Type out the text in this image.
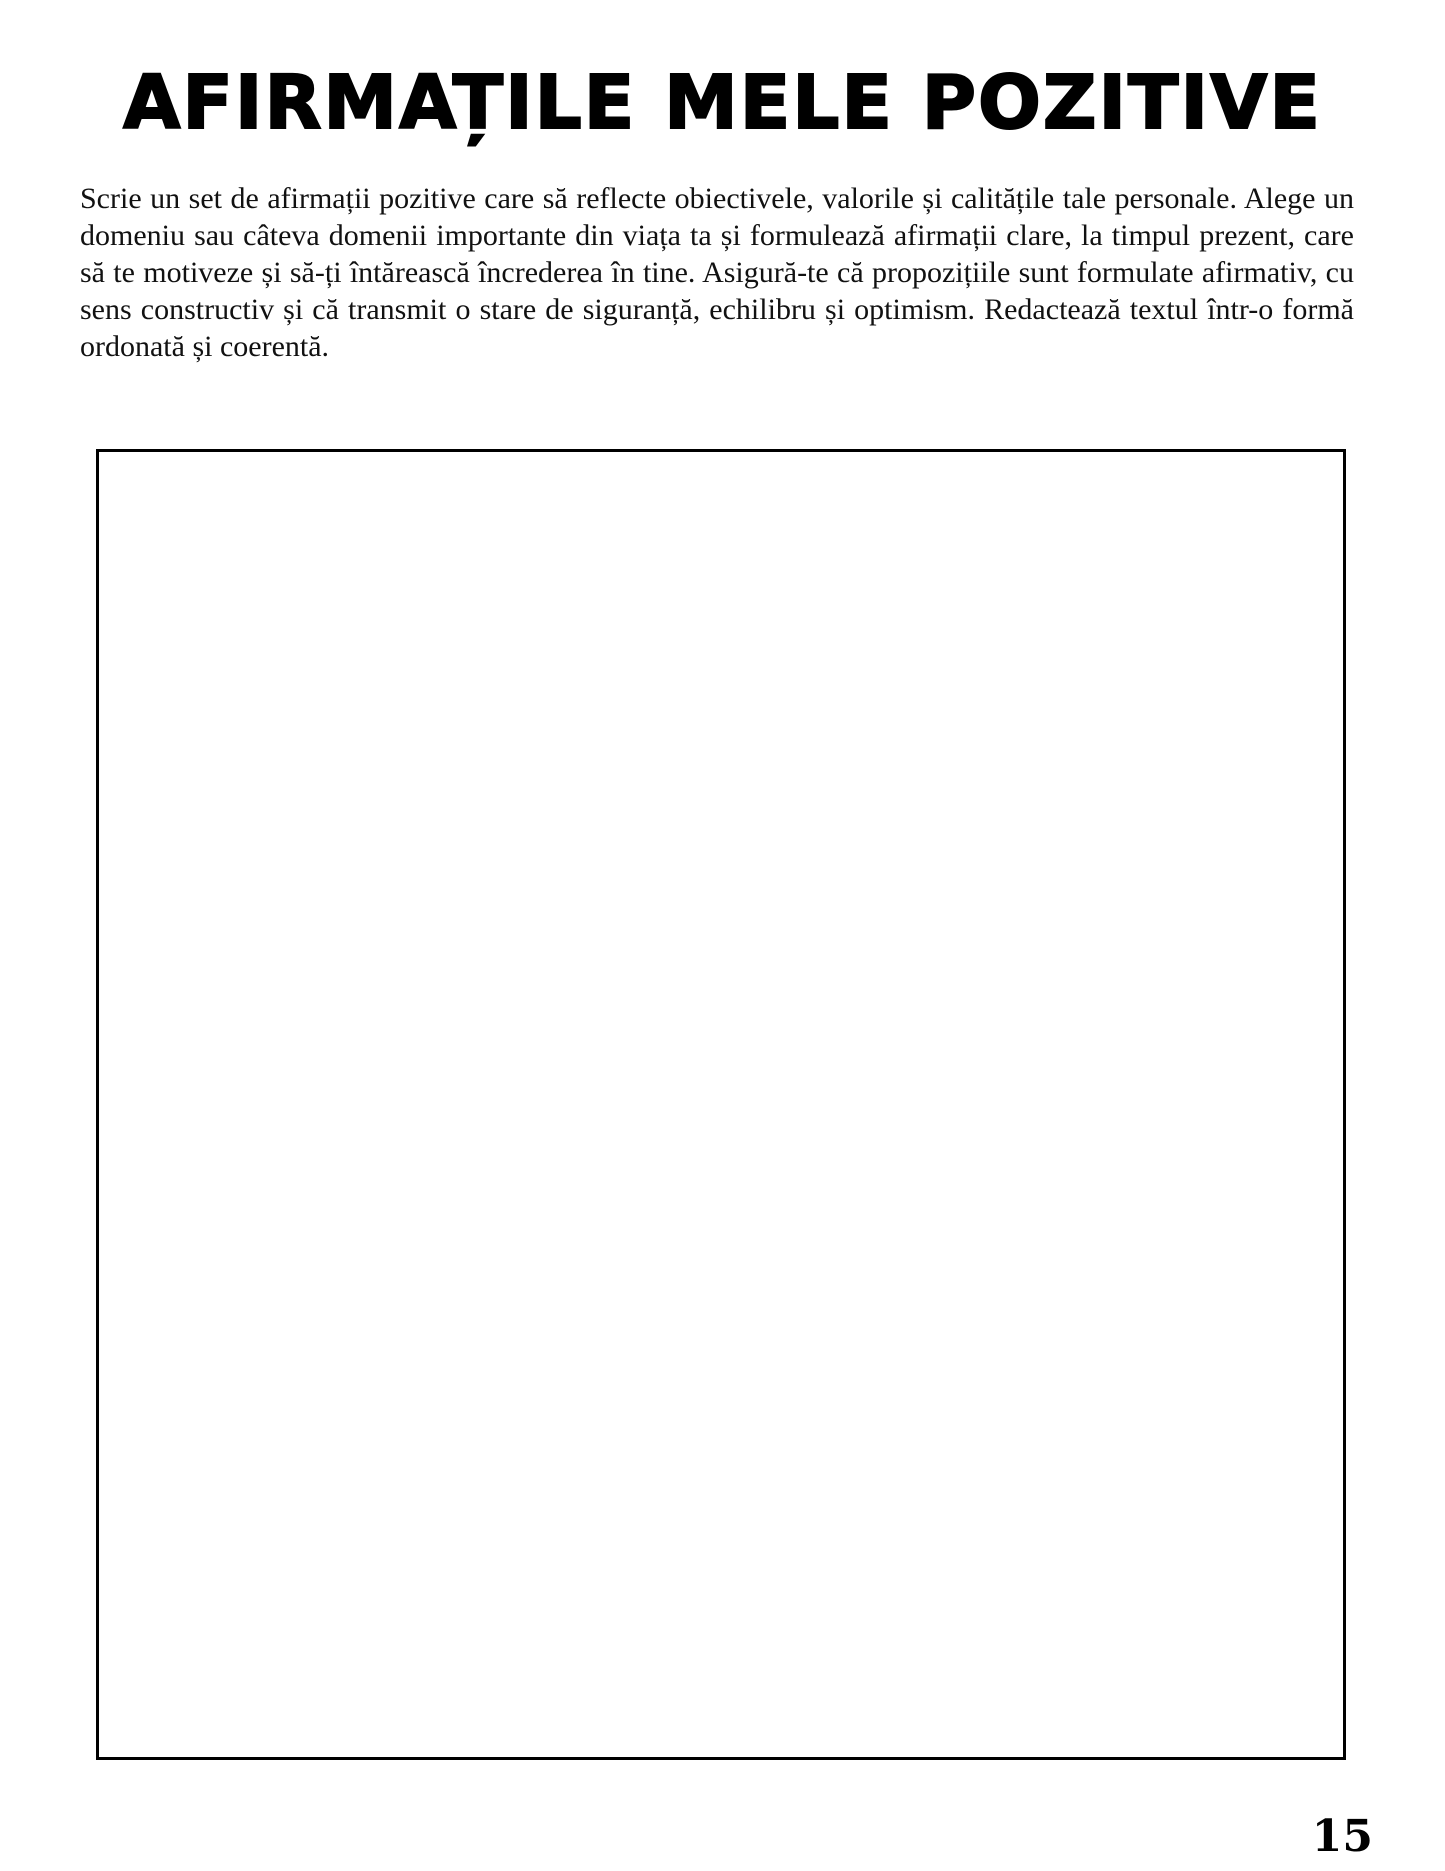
AFIRMAȚILE MELE POZITIVE

Scrie un set de afirmații pozitive care să reflecte obiectivele, valorile și calitățile tale personale. Alege un domeniu sau câteva domenii importante din viața ta și formulează afirmații clare, la timpul prezent, care să te motiveze și să-ți întărească încrederea în tine. Asigură-te că propozițiile sunt formulate afirmativ, cu sens constructiv și că transmit o stare de siguranță, echilibru și optimism. Redactează textul într-o formă ordonată și coerentă.

15
